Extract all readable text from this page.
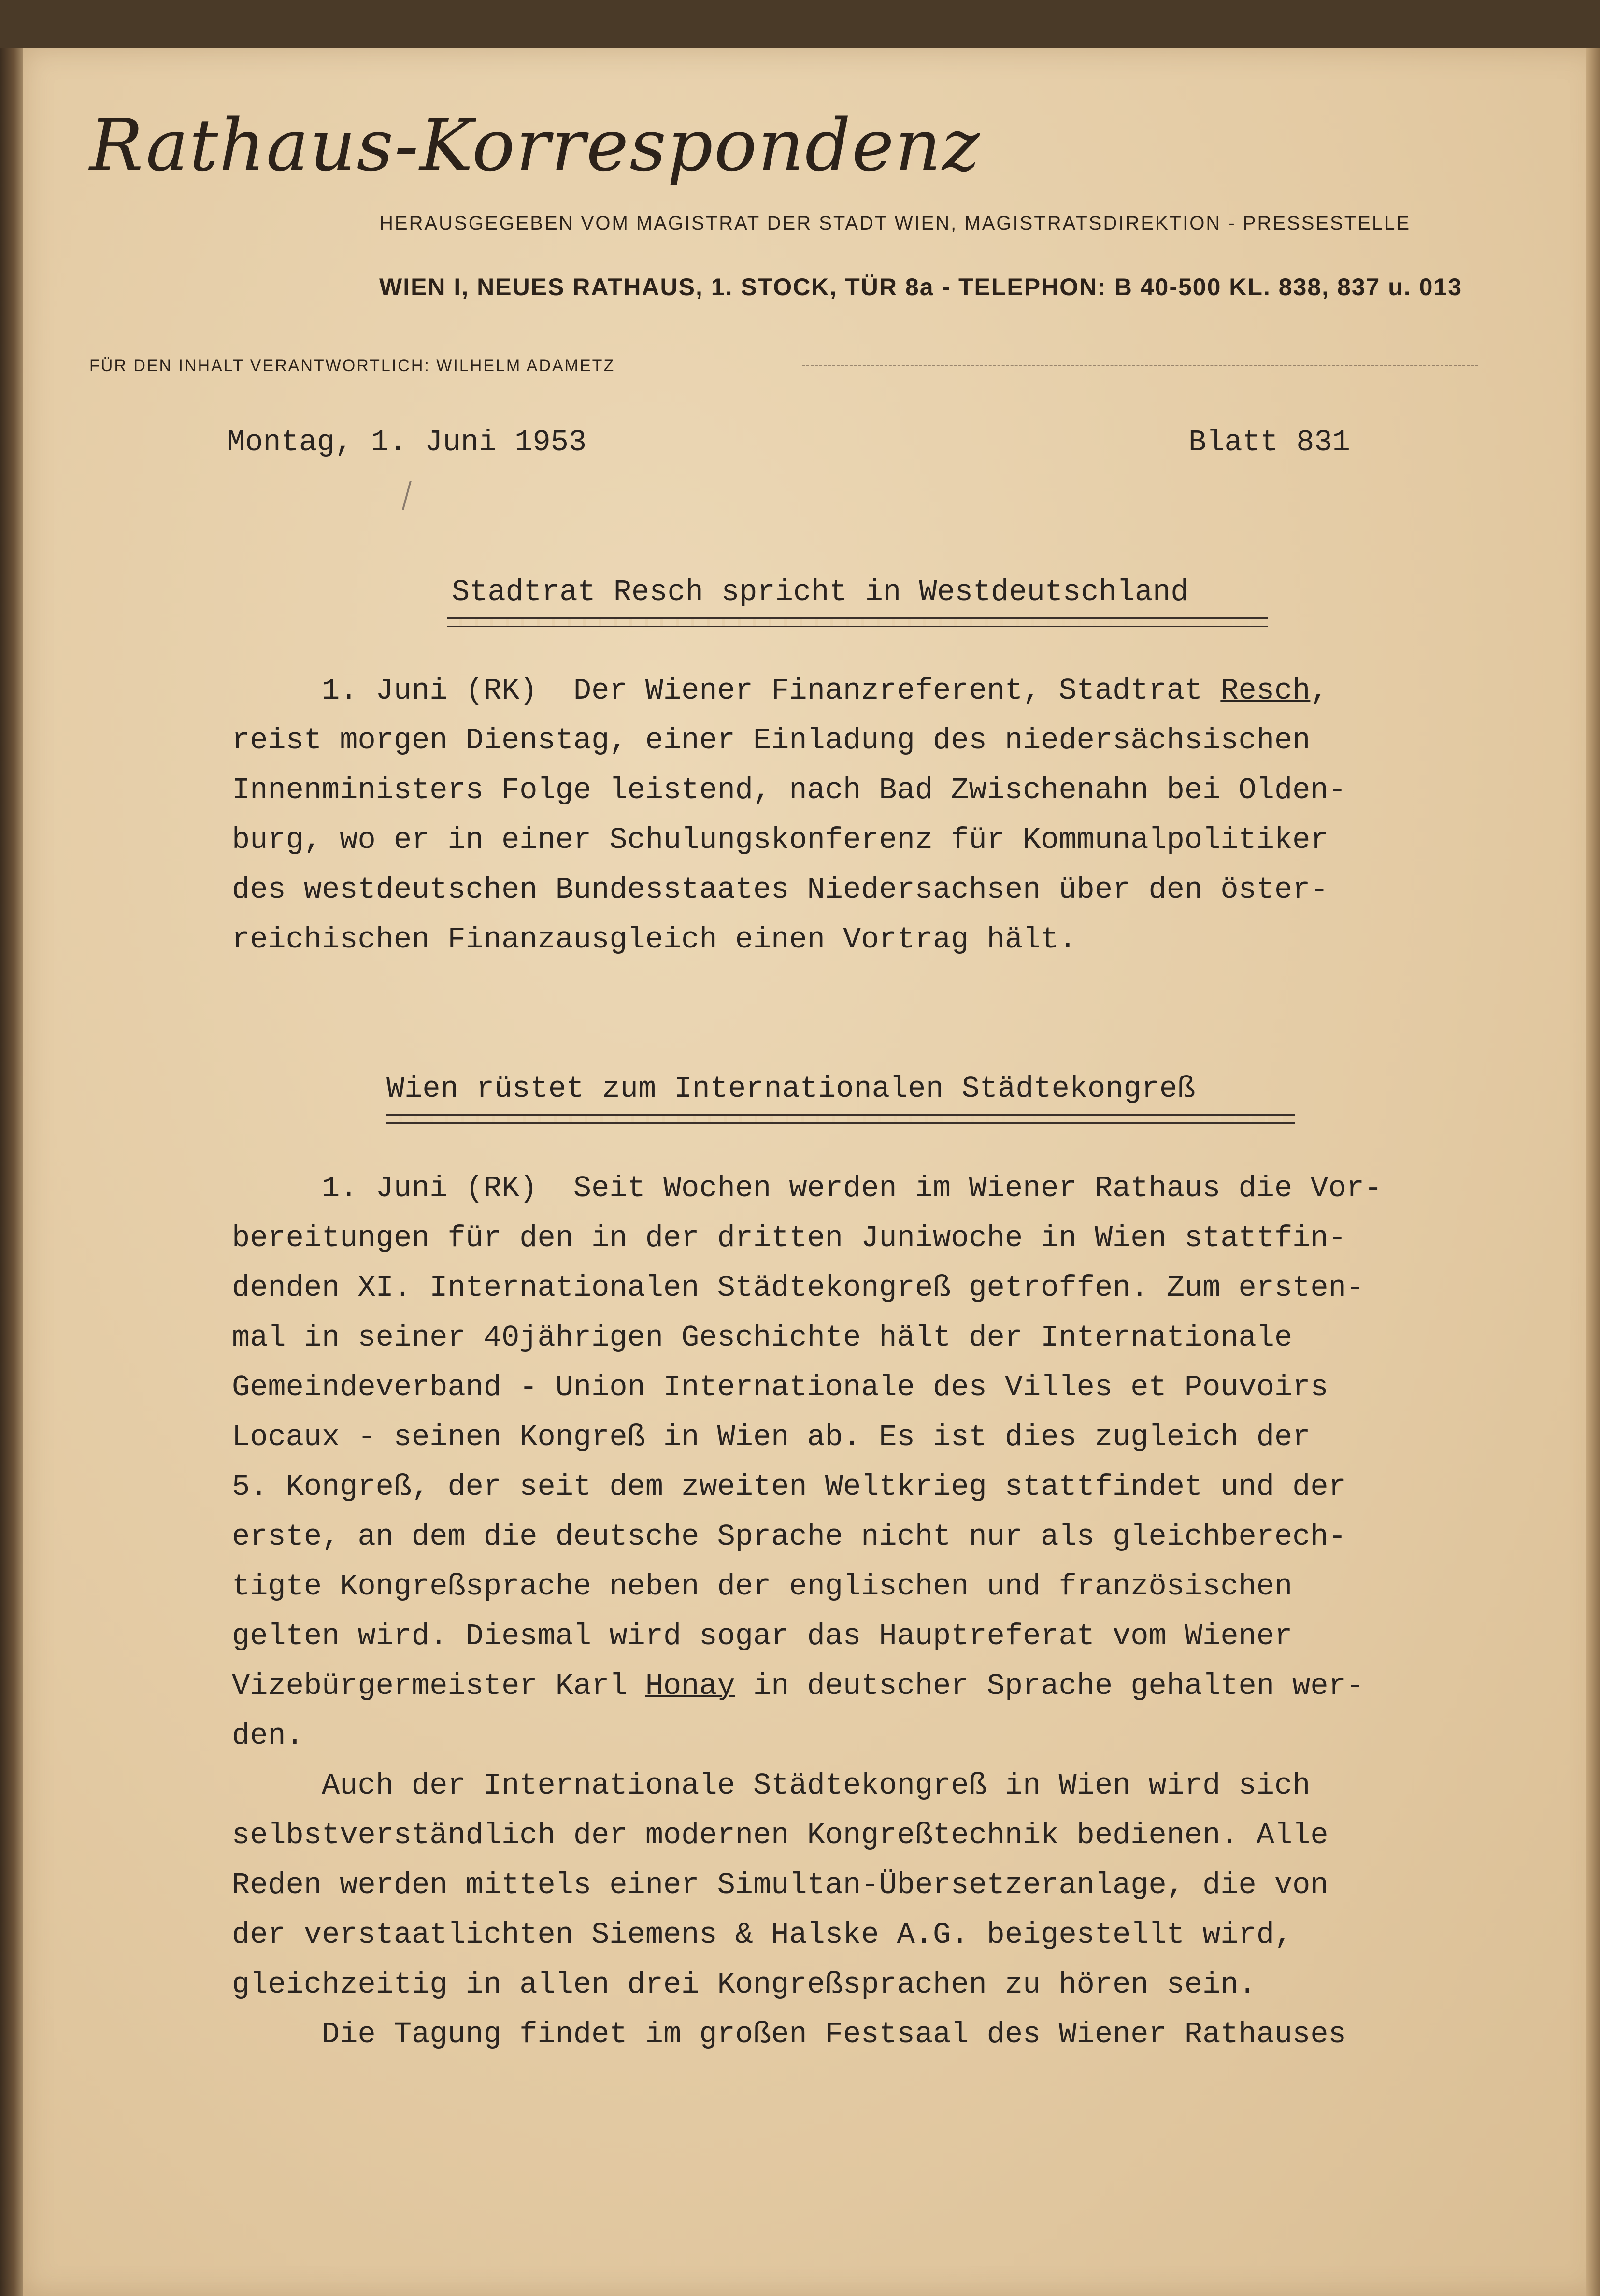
Rathaus-Korrespondenz
HERAUSGEGEBEN VOM MAGISTRAT DER STADT WIEN, MAGISTRATSDIREKTION - PRESSESTELLE
WIEN I, NEUES RATHAUS, 1. STOCK, TÜR 8a - TELEPHON: B 40-500 KL. 838, 837 u. 013
FÜR DEN INHALT VERANTWORTLICH: WILHELM ADAMETZ
Montag, 1. Juni 1953	Blatt 831
Stadtrat Resch spricht in Westdeutschland
1. Juni (RK)  Der Wiener Finanzreferent, Stadtrat Resch,
reist morgen Dienstag, einer Einladung des niedersächsischen
Innenministers Folge leistend, nach Bad Zwischenahn bei Olden-
burg, wo er in einer Schulungskonferenz für Kommunalpolitiker
des westdeutschen Bundesstaates Niedersachsen über den öster-
reichischen Finanzausgleich einen Vortrag hält.
Wien rüstet zum Internationalen Städtekongreß
1. Juni (RK)  Seit Wochen werden im Wiener Rathaus die Vor-
bereitungen für den in der dritten Juniwoche in Wien stattfin-
denden XI. Internationalen Städtekongreß getroffen. Zum ersten-
mal in seiner 40jährigen Geschichte hält der Internationale
Gemeindeverband - Union Internationale des Villes et Pouvoirs
Locaux - seinen Kongreß in Wien ab. Es ist dies zugleich der
5. Kongreß, der seit dem zweiten Weltkrieg stattfindet und der
erste, an dem die deutsche Sprache nicht nur als gleichberech-
tigte Kongreßsprache neben der englischen und französischen
gelten wird. Diesmal wird sogar das Hauptreferat vom Wiener
Vizebürgermeister Karl Honay in deutscher Sprache gehalten wer-
den.
Auch der Internationale Städtekongreß in Wien wird sich
selbstverständlich der modernen Kongreßtechnik bedienen. Alle
Reden werden mittels einer Simultan-Übersetzeranlage, die von
der verstaatlichten Siemens & Halske A.G. beigestellt wird,
gleichzeitig in allen drei Kongreßsprachen zu hören sein.
Die Tagung findet im großen Festsaal des Wiener Rathauses
